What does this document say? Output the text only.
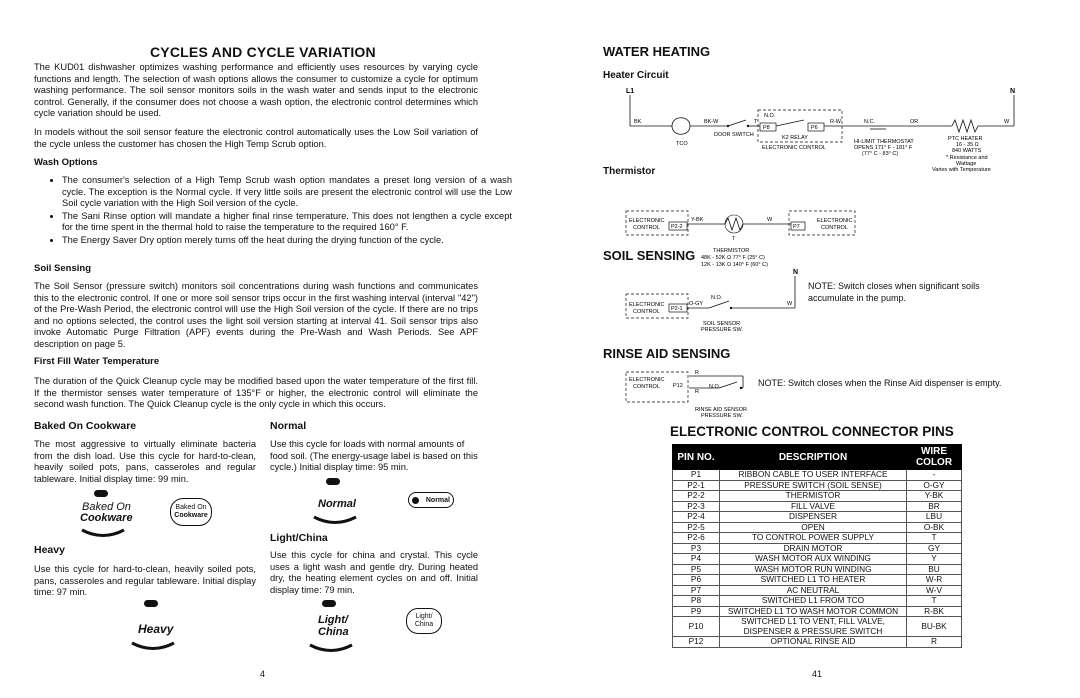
CYCLES AND CYCLE VARIATION
The KUD01 dishwasher optimizes washing performance and efficiently uses resources by varying cycle functions and length. The selection of wash options allows the consumer to customize a cycle for optimum washing performance. The soil sensor monitors soils in the wash water and sends input to the electronic control. Generally, if the consumer does not choose a wash option, the electronic control determines which cycle variation should be used.
In models without the soil sensor feature the electronic control automatically uses the Low Soil variation of the cycle unless the customer has chosen the High Temp Scrub option.
Wash Options
• The consumer's selection of a High Temp Scrub wash option mandates a preset long version of a wash cycle. The exception is the Normal cycle. If very little soils are present the electronic control will use the Low Soil cycle variation with the High Soil version of the cycle.
• The Sani Rinse option will mandate a higher final rinse temperature. This does not lengthen a cycle except for the time spent in the thermal hold to raise the temperature to the required 160° F.
• The Energy Saver Dry option merely turns off the heat during the drying function of the cycle.
Soil Sensing
The Soil Sensor (pressure switch) monitors soil concentrations during wash functions and communicates this to the electronic control. If one or more soil sensor trips occur in the first washing interval (interval "42") of the Pre-Wash Period, the electronic control will use the High Soil version of the cycle. If there are no trips and no options selected, the control uses the light soil version starting at interval 41. Soil sensor trips also invoke Automatic Purge Filtration (APF) events during the Pre-Wash and Wash Periods. See APF description on page 5.
First Fill Water Temperature
The duration of the Quick Cleanup cycle may be modified based upon the water temperature of the first fill. If the thermistor senses water temperature of 135°F or higher, the electronic control will eliminate the second wash function. The Quick Cleanup cycle is the only cycle in which this occurs.
Baked On Cookware
The most aggressive to virtually eliminate bacteria from the dish load. Use this cycle for hard-to-clean, heavily soiled pots, pans, casseroles and regular tableware. Initial display time: 99 min.
Baked On
Cookware
Baked On
Cookware
Heavy
Use this cycle for hard-to-clean, heavily soiled pots, pans, casseroles and regular tableware. Initial display time: 97 min.
Heavy
Normal
Use this cycle for loads with normal amounts of food soil. (The energy-usage label is based on this cycle.) Initial display time: 95 min.
Normal	Normal
Light/China
Use this cycle for china and crystal. This cycle uses a light wash and gentle dry. During heated dry, the heating element cycles on and off. Initial display time: 79 min.
Light/
China
Light/
China
4
WATER HEATING
Heater Circuit
L1	N
BK
TCO
BK-W
DOOR SWITCH
T
N.O.
P8	P6
K2 RELAY
ELECTRONIC CONTROL
R-W	N.C.
HI-LIMIT THERMOSTAT
OPENS 171° F - 181° F
(77° C - 83° C)
OR	W
PTC HEATER
16 - 35 Ω
840 WATTS
* Resistance and
Wattage
Varies with Temperature
Thermistor
ELECTRONIC
CONTROL P2-2
Y-BK
T
W
P7
ELECTRONIC
CONTROL
THERMISTOR
48K - 52K Ω 77° F (25° C)
12K - 13K Ω 140° F (60° C)
SOIL SENSING
N
ELECTRONIC
CONTROL P2-1
O-GY
N.O.
W
SOIL SENSOR
PRESSURE SW.
NOTE: Switch closes when significant soils accumulate in the pump.
RINSE AID SENSING
R
ELECTRONIC
CONTROL P12
R
N.O.
RINSE AID SENSOR
PRESSURE SW.
NOTE: Switch closes when the Rinse Aid dispenser is empty.
ELECTRONIC CONTROL CONNECTOR PINS
PIN NO.	DESCRIPTION	WIRE COLOR
P1	RIBBON CABLE TO USER INTERFACE	-
P2-1	PRESSURE SWITCH (SOIL SENSE)	O-GY
P2-2	THERMISTOR	Y-BK
P2-3	FILL VALVE	BR
P2-4	DISPENSER	LBU
P2-5	OPEN	O-BK
P2-6	TO CONTROL POWER SUPPLY	T
P3	DRAIN MOTOR	GY
P4	WASH MOTOR AUX WINDING	Y
P5	WASH MOTOR RUN WINDING	BU
P6	SWITCHED L1 TO HEATER	W-R
P7	AC NEUTRAL	W-V
P8	SWITCHED L1 FROM TCO	T
P9	SWITCHED L1 TO WASH MOTOR COMMON	R-BK
P10	SWITCHED L1 TO VENT, FILL VALVE, DISPENSER & PRESSURE SWITCH	BU-BK
P12	OPTIONAL RINSE AID	R
41
